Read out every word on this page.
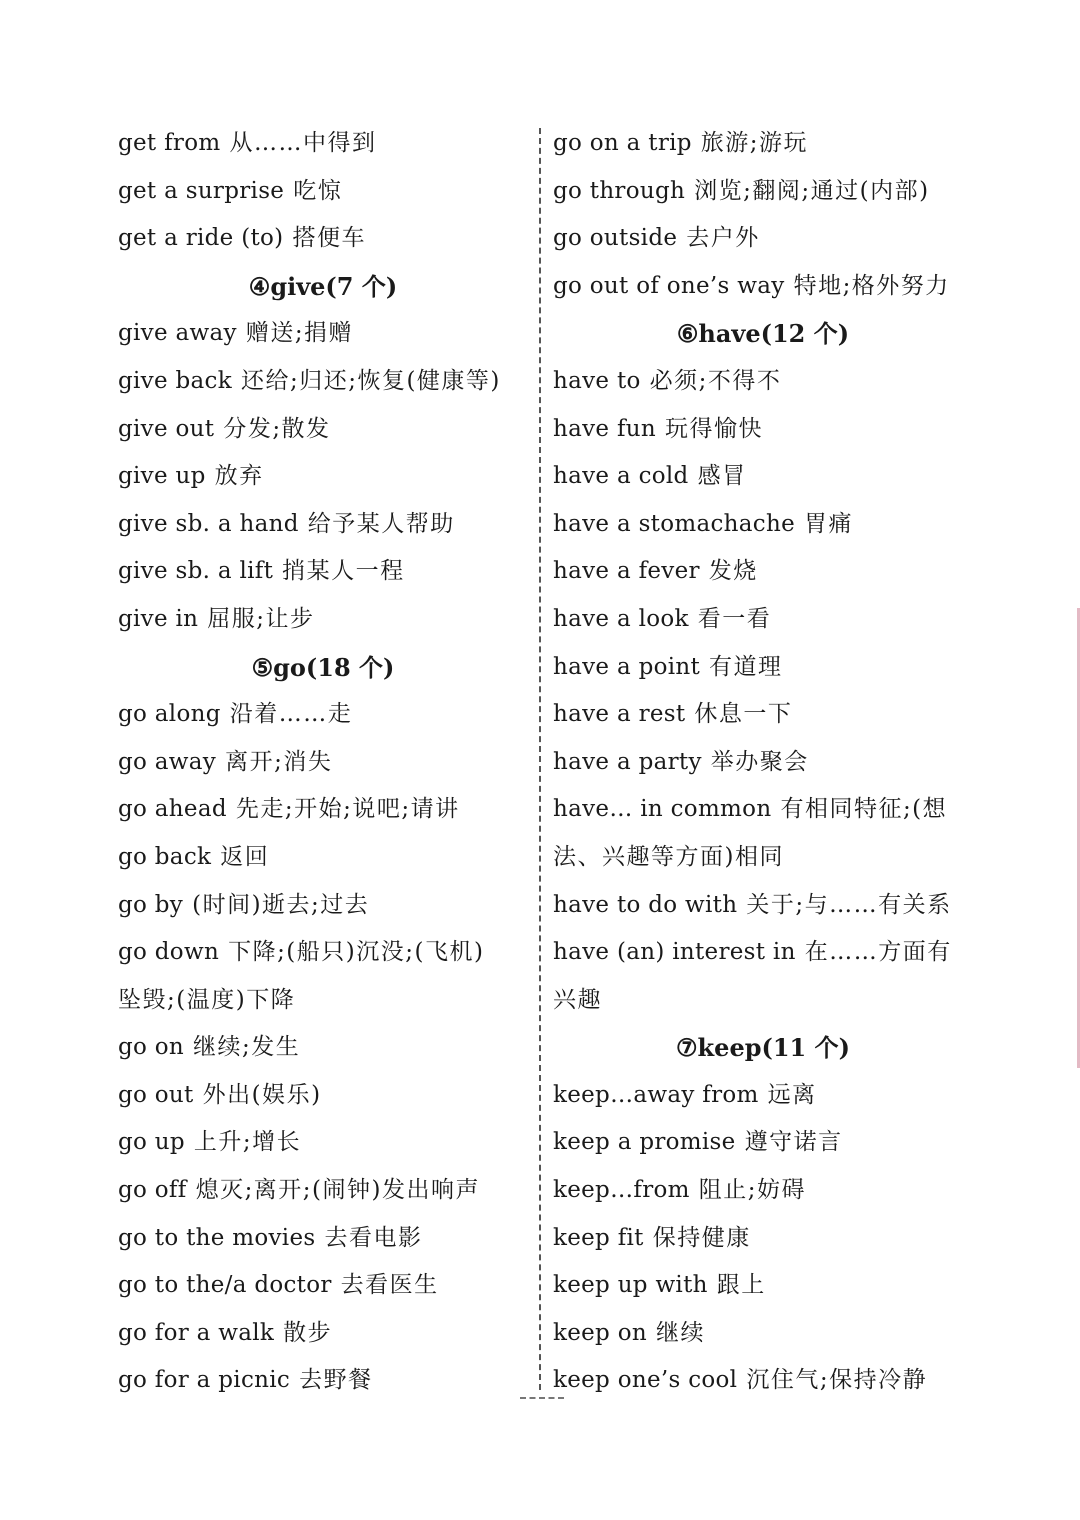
get from 从……中得到
get a surprise 吃惊
get a ride (to) 搭便车
④give(7 个)
give away 赠送;捐赠
give back 还给;归还;恢复(健康等)
give out 分发;散发
give up 放弃
give sb. a hand 给予某人帮助
give sb. a lift 捎某人一程
give in 屈服;让步
⑤go(18 个)
go along 沿着……走
go away 离开;消失
go ahead 先走;开始;说吧;请讲
go back 返回
go by (时间)逝去;过去
go down 下降;(船只)沉没;(飞机)
坠毁;(温度)下降
go on 继续;发生
go out 外出(娱乐)
go up 上升;增长
go off 熄灭;离开;(闹钟)发出响声
go to the movies 去看电影
go to the/a doctor 去看医生
go for a walk 散步
go for a picnic 去野餐
go on a trip 旅游;游玩
go through 浏览;翻阅;通过(内部)
go outside 去户外
go out of one’s way 特地;格外努力
⑥have(12 个)
have to 必须;不得不
have fun 玩得愉快
have a cold 感冒
have a stomachache 胃痛
have a fever 发烧
have a look 看一看
have a point 有道理
have a rest 休息一下
have a party 举办聚会
have… in common 有相同特征;(想
法、兴趣等方面)相同
have to do with 关于;与……有关系
have (an) interest in 在……方面有
兴趣
⑦keep(11 个)
keep…away from 远离
keep a promise 遵守诺言
keep…from 阻止;妨碍
keep fit 保持健康
keep up with 跟上
keep on 继续
keep one’s cool 沉住气;保持冷静
